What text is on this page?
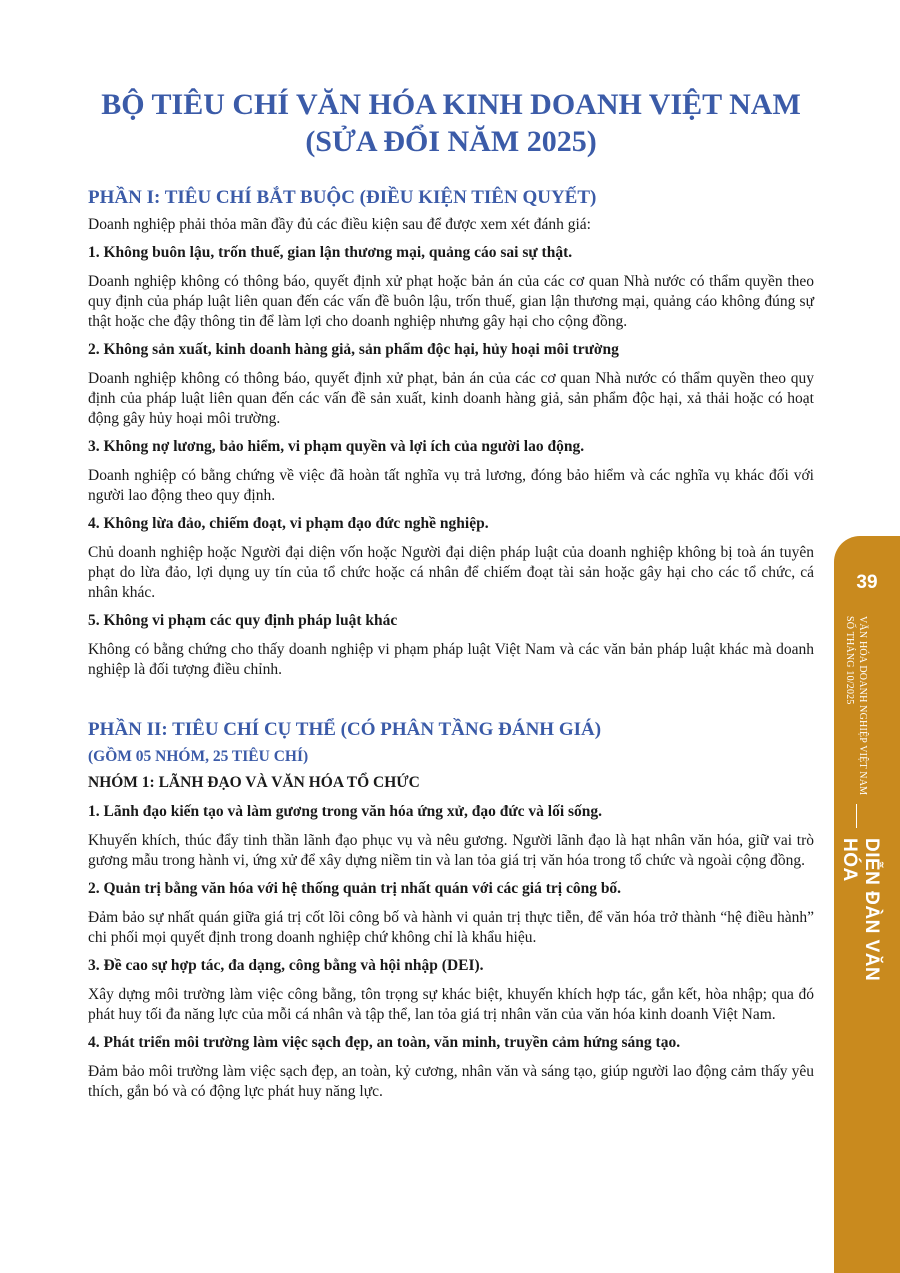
BỘ TIÊU CHÍ VĂN HÓA KINH DOANH VIỆT NAM
(SỬA ĐỔI NĂM 2025)
PHẦN I: TIÊU CHÍ BẮT BUỘC (ĐIỀU KIỆN TIÊN QUYẾT)

Doanh nghiệp phải thỏa mãn đầy đủ các điều kiện sau để được xem xét đánh giá:

1. Không buôn lậu, trốn thuế, gian lận thương mại, quảng cáo sai sự thật.

Doanh nghiệp không có thông báo, quyết định xử phạt hoặc bản án của các cơ quan Nhà nước có thẩm quyền theo quy định của pháp luật liên quan đến các vấn đề buôn lậu, trốn thuế, gian lận thương mại, quảng cáo không đúng sự thật hoặc che đậy thông tin để làm lợi cho doanh nghiệp nhưng gây hại cho cộng đồng.

2. Không sản xuất, kinh doanh hàng giả, sản phẩm độc hại, hủy hoại môi trường

Doanh nghiệp không có thông báo, quyết định xử phạt, bản án của các cơ quan Nhà nước có thẩm quyền theo quy định của pháp luật liên quan đến các vấn đề sản xuất, kinh doanh hàng giả, sản phẩm độc hại, xả thải hoặc có hoạt động gây hủy hoại môi trường.

3. Không nợ lương, bảo hiểm, vi phạm quyền và lợi ích của người lao động.

Doanh nghiệp có bằng chứng về việc đã hoàn tất nghĩa vụ trả lương, đóng bảo hiểm và các nghĩa vụ khác đối với người lao động theo quy định.

4. Không lừa đảo, chiếm đoạt, vi phạm đạo đức nghề nghiệp.

Chủ doanh nghiệp hoặc Người đại diện vốn hoặc Người đại diện pháp luật của doanh nghiệp không bị toà án tuyên phạt do lừa đảo, lợi dụng uy tín của tổ chức hoặc cá nhân để chiếm đoạt tài sản hoặc gây hại cho các tổ chức, cá nhân khác.

5. Không vi phạm các quy định pháp luật khác

Không có bằng chứng cho thấy doanh nghiệp vi phạm pháp luật Việt Nam và các văn bản pháp luật khác mà doanh nghiệp là đối tượng điều chỉnh.

PHẦN II: TIÊU CHÍ CỤ THỂ (CÓ PHÂN TẦNG ĐÁNH GIÁ)

(GỒM 05 NHÓM, 25 TIÊU CHÍ)

NHÓM 1: LÃNH ĐẠO VÀ VĂN HÓA TỔ CHỨC

1. Lãnh đạo kiến tạo và làm gương trong văn hóa ứng xử, đạo đức và lối sống.

Khuyến khích, thúc đẩy tinh thần lãnh đạo phục vụ và nêu gương. Người lãnh đạo là hạt nhân văn hóa, giữ vai trò gương mẫu trong hành vi, ứng xử để xây dựng niềm tin và lan tỏa giá trị văn hóa trong tổ chức và ngoài cộng đồng.

2. Quản trị bằng văn hóa với hệ thống quản trị nhất quán với các giá trị công bố.

Đảm bảo sự nhất quán giữa giá trị cốt lõi công bố và hành vi quản trị thực tiễn, để văn hóa trở thành “hệ điều hành” chi phối mọi quyết định trong doanh nghiệp chứ không chỉ là khẩu hiệu.

3. Đề cao sự hợp tác, đa dạng, công bằng và hội nhập (DEI).

Xây dựng môi trường làm việc công bằng, tôn trọng sự khác biệt, khuyến khích hợp tác, gắn kết, hòa nhập; qua đó phát huy tối đa năng lực của mỗi cá nhân và tập thể, lan tỏa giá trị nhân văn của văn hóa kinh doanh Việt Nam.

4. Phát triển môi trường làm việc sạch đẹp, an toàn, văn minh, truyền cảm hứng sáng tạo.

Đảm bảo môi trường làm việc sạch đẹp, an toàn, kỷ cương, nhân văn và sáng tạo, giúp người lao động cảm thấy yêu thích, gắn bó và có động lực phát huy năng lực.

39
VĂN HÓA DOANH NGHIỆP VIỆT NAM
SỐ THÁNG 10/2025
DIỄN ĐÀN VĂN HÓA
